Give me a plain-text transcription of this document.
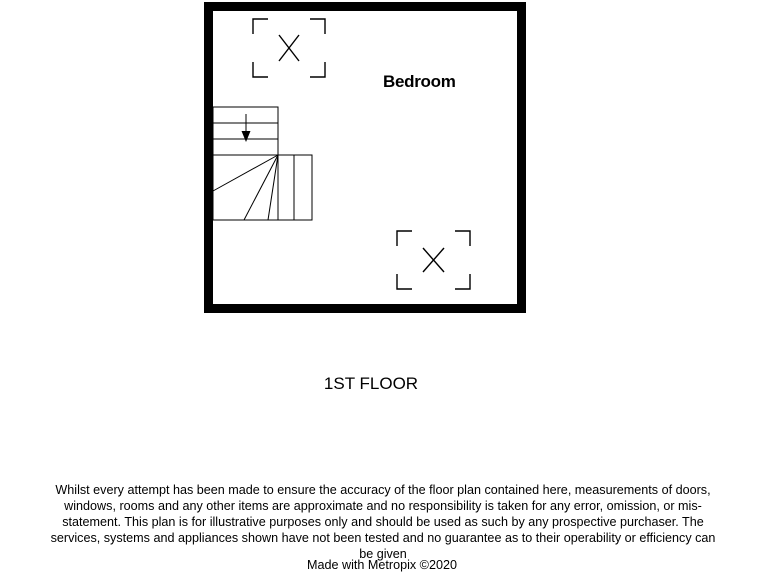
Bedroom
1ST FLOOR
Whilst every attempt has been made to ensure the accuracy of the floor plan contained here, measurements of doors, windows, rooms and any other items are approximate and no responsibility is taken for any error, omission, or mis-statement. This plan is for illustrative purposes only and should be used as such by any prospective purchaser. The services, systems and appliances shown have not been tested and no guarantee as to their operability or efficiency can be given
Made with Metropix ©2020
